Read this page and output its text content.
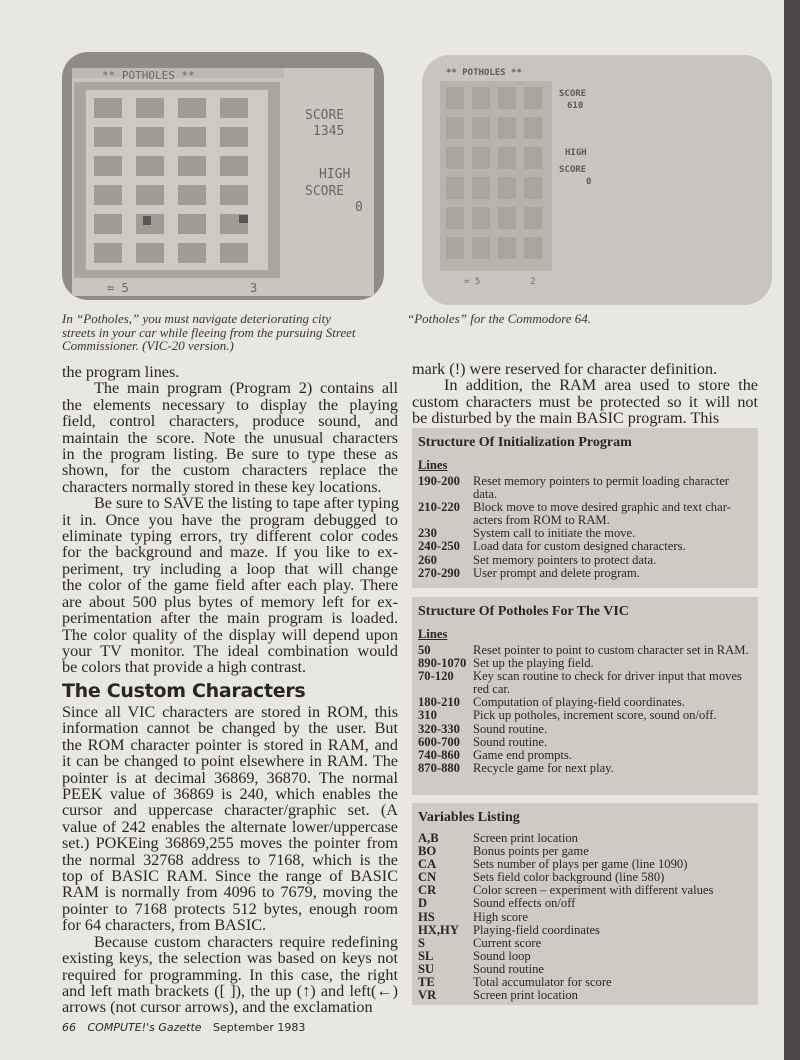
** POTHOLES **
SCORE
1345
HIGH
SCORE
0
= 5	3
** POTHOLES **
SCORE
610
HIGH
SCORE
0
= 5	2
In “Potholes,” you must navigate deteriorating city
streets in your car while fleeing from the pursuing Street
Commissioner. (VIC-20 version.)
“Potholes” for the Commodore 64.
the program lines.
The main program (Program 2) contains all
the elements necessary to display the playing
field, control characters, produce sound, and
maintain the score. Note the unusual characters
in the program listing. Be sure to type these as
shown, for the custom characters replace the
characters normally stored in these key locations.
Be sure to SAVE the listing to tape after typing
it in. Once you have the program debugged to
eliminate typing errors, try different color codes
for the background and maze. If you like to ex-
periment, try including a loop that will change
the color of the game field after each play. There
are about 500 plus bytes of memory left for ex-
perimentation after the main program is loaded.
The color quality of the display will depend upon
your TV monitor. The ideal combination would
be colors that provide a high contrast.
The Custom Characters
Since all VIC characters are stored in ROM, this
information cannot be changed by the user. But
the ROM character pointer is stored in RAM, and
it can be changed to point elsewhere in RAM. The
pointer is at decimal 36869, 36870. The normal
PEEK value of 36869 is 240, which enables the
cursor and uppercase character/graphic set. (A
value of 242 enables the alternate lower/uppercase
set.) POKEing 36869,255 moves the pointer from
the normal 32768 address to 7168, which is the
top of BASIC RAM. Since the range of BASIC
RAM is normally from 4096 to 7679, moving the
pointer to 7168 protects 512 bytes, enough room
for 64 characters, from BASIC.
Because custom characters require redefining
existing keys, the selection was based on keys not
required for programming. In this case, the right
and left math brackets ([ ]), the up (↑) and left(←)
arrows (not cursor arrows), and the exclamation
mark (!) were reserved for character definition.
In addition, the RAM area used to store the
custom characters must be protected so it will not
be disturbed by the main BASIC program. This
Structure Of Initialization Program
Lines
190-200	Reset memory pointers to permit loading character data.
210-220	Block move to move desired graphic and text char-acters from ROM to RAM.
230	System call to initiate the move.
240-250	Load data for custom designed characters.
260	Set memory pointers to protect data.
270-290	User prompt and delete program.
Structure Of Potholes For The VIC
Lines
50	Reset pointer to point to custom character set in RAM.
890-1070 Set up the playing field.
70-120	Key scan routine to check for driver input that moves red car.
180-210	Computation of playing-field coordinates.
310	Pick up potholes, increment score, sound on/off.
320-330	Sound routine.
600-700	Sound routine.
740-860	Game end prompts.
870-880	Recycle game for next play.
Variables Listing
A,B	Screen print location
BO	Bonus points per game
CA	Sets number of plays per game (line 1090)
CN	Sets field color background (line 580)
CR	Color screen – experiment with different values
D	Sound effects on/off
HS	High score
HX,HY	Playing-field coordinates
S	Current score
SL	Sound loop
SU	Sound routine
TE	Total accumulator for score
VR	Screen print location
66 COMPUTE!'s Gazette September 1983
